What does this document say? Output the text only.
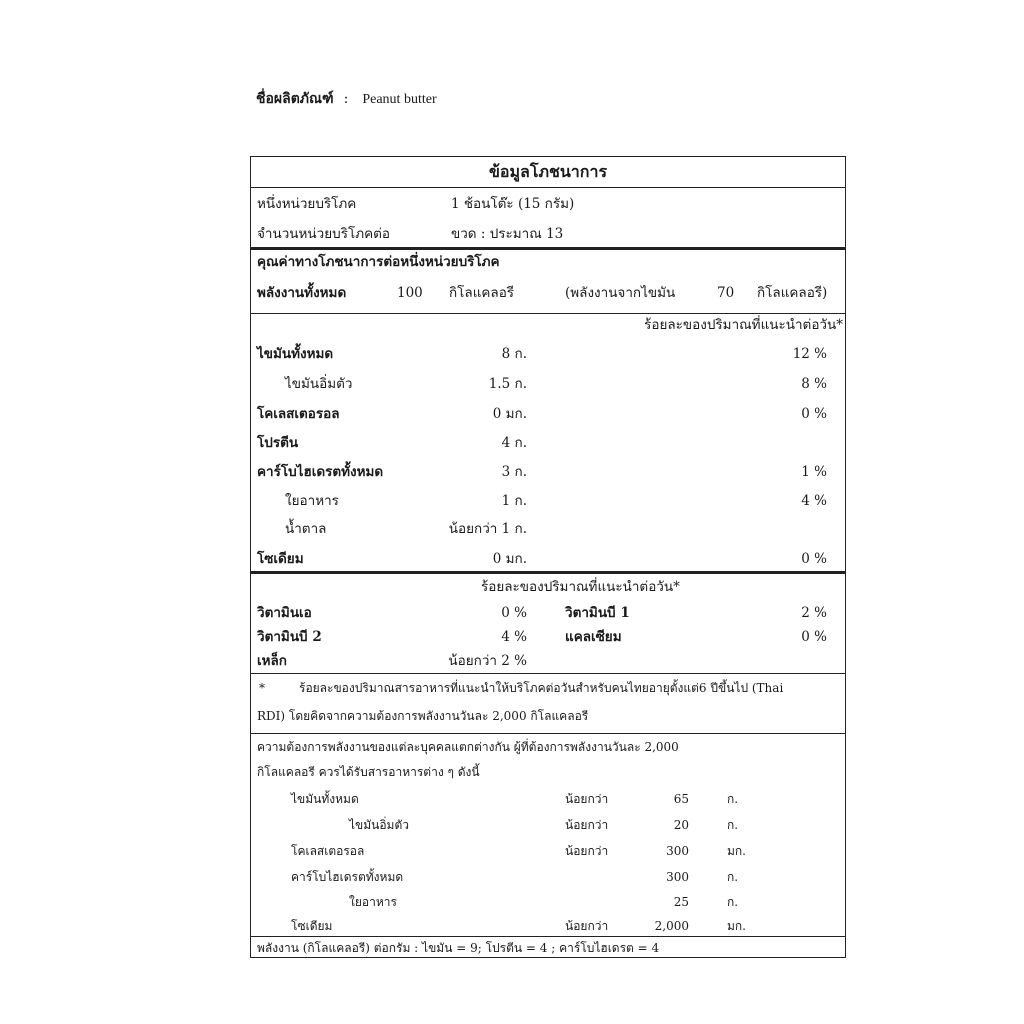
ชื่อผลิตภัณฑ์ : Peanut butter
ข้อมูลโภชนาการ
หนึ่งหน่วยบริโภค	1 ช้อนโต๊ะ (15 กรัม)
จำนวนหน่วยบริโภคต่อ	ขวด : ประมาณ 13
คุณค่าทางโภชนาการต่อหนึ่งหน่วยบริโภค
พลังงานทั้งหมด	100 กิโลแคลอรี	(พลังงานจากไขมัน	70 กิโลแคลอรี)
ร้อยละของปริมาณที่แนะนำต่อวัน*
ไขมันทั้งหมด	8 ก.	12 %
ไขมันอิ่มตัว	1.5 ก.	8 %
โคเลสเตอรอล	0 มก.	0 %
โปรตีน	4 ก.
คาร์โบไฮเดรตทั้งหมด	3 ก.	1 %
ใยอาหาร	1 ก.	4 %
น้ำตาล	น้อยกว่า 1 ก.
โซเดียม	0 มก.	0 %
ร้อยละของปริมาณที่แนะนำต่อวัน*
วิตามินเอ	0 %	วิตามินบี 1	2 %
วิตามินบี 2	4 %	แคลเซียม	0 %
เหล็ก	น้อยกว่า 2 %
*	ร้อยละของปริมาณสารอาหารที่แนะนำให้บริโภคต่อวันสำหรับคนไทยอายุตั้งแต่6 ปีขึ้นไป (Thai
RDI) โดยคิดจากความต้องการพลังงานวันละ 2,000 กิโลแคลอรี
ความต้องการพลังงานของแต่ละบุคคลแตกต่างกัน ผู้ที่ต้องการพลังงานวันละ 2,000
กิโลแคลอรี ควรได้รับสารอาหารต่าง ๆ ดังนี้
ไขมันทั้งหมด	น้อยกว่า	65	ก.
ไขมันอิ่มตัว	น้อยกว่า	20	ก.
โคเลสเตอรอล	น้อยกว่า	300	มก.
คาร์โบไฮเดรตทั้งหมด	300	ก.
ใยอาหาร	25	ก.
โซเดียม	น้อยกว่า	2,000	มก.
พลังงาน (กิโลแคลอรี) ต่อกรัม : ไขมัน = 9; โปรตีน = 4 ; คาร์โบไฮเดรต = 4
